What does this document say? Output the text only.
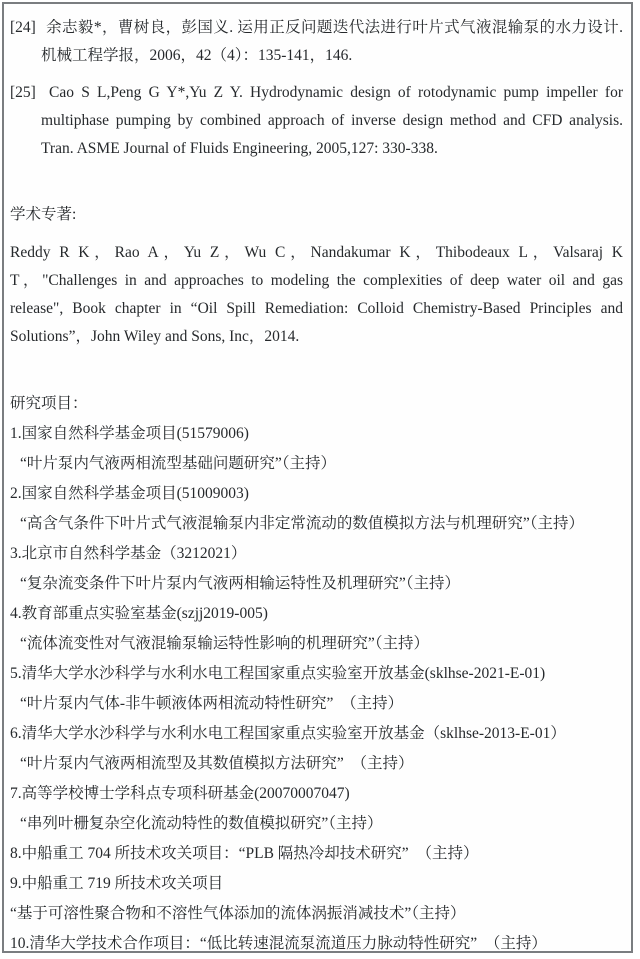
[24] 余志毅*，曹树良，彭国义. 运用正反问题迭代法进行叶片式气液混输泵的水力设计.机械工程学报，2006，42（4）：135-141，146.

[25] Cao S L,Peng G Y*,Yu Z Y. Hydrodynamic design of rotodynamic pump impeller for multiphase pumping by combined approach of inverse design method and CFD analysis. Tran. ASME Journal of Fluids Engineering, 2005,127: 330-338.

学术专著:

Reddy R K，Rao A，Yu Z，Wu C，Nandakumar K，Thibodeaux L，Valsaraj K T，"Challenges in and approaches to modeling the complexities of deep water oil and gas release", Book chapter in “Oil Spill Remediation: Colloid Chemistry-Based Principles and Solutions”，John Wiley and Sons, Inc，2014.

研究项目：
1.国家自然科学基金项目(51579006)
“叶片泵内气液两相流型基础问题研究”（主持）
2.国家自然科学基金项目(51009003)
“高含气条件下叶片式气液混输泵内非定常流动的数值模拟方法与机理研究”（主持）
3.北京市自然科学基金（3212021）
“复杂流变条件下叶片泵内气液两相输运特性及机理研究”（主持）
4.教育部重点实验室基金(szjj2019-005)
“流体流变性对气液混输泵输运特性影响的机理研究”（主持）
5.清华大学水沙科学与水利水电工程国家重点实验室开放基金(sklhse-2021-E-01)
“叶片泵内气体-非牛顿液体两相流动特性研究”　（主持）
6.清华大学水沙科学与水利水电工程国家重点实验室开放基金（sklhse-2013-E-01）
“叶片泵内气液两相流型及其数值模拟方法研究”　（主持）
7.高等学校博士学科点专项科研基金(20070007047)
“串列叶栅复杂空化流动特性的数值模拟研究”（主持）
8.中船重工 704 所技术攻关项目：“PLB 隔热冷却技术研究”　（主持）
9.中船重工 719 所技术攻关项目
“基于可溶性聚合物和不溶性气体添加的流体涡振消减技术”（主持）
10.清华大学技术合作项目：“低比转速混流泵流道压力脉动特性研究”　（主持）
